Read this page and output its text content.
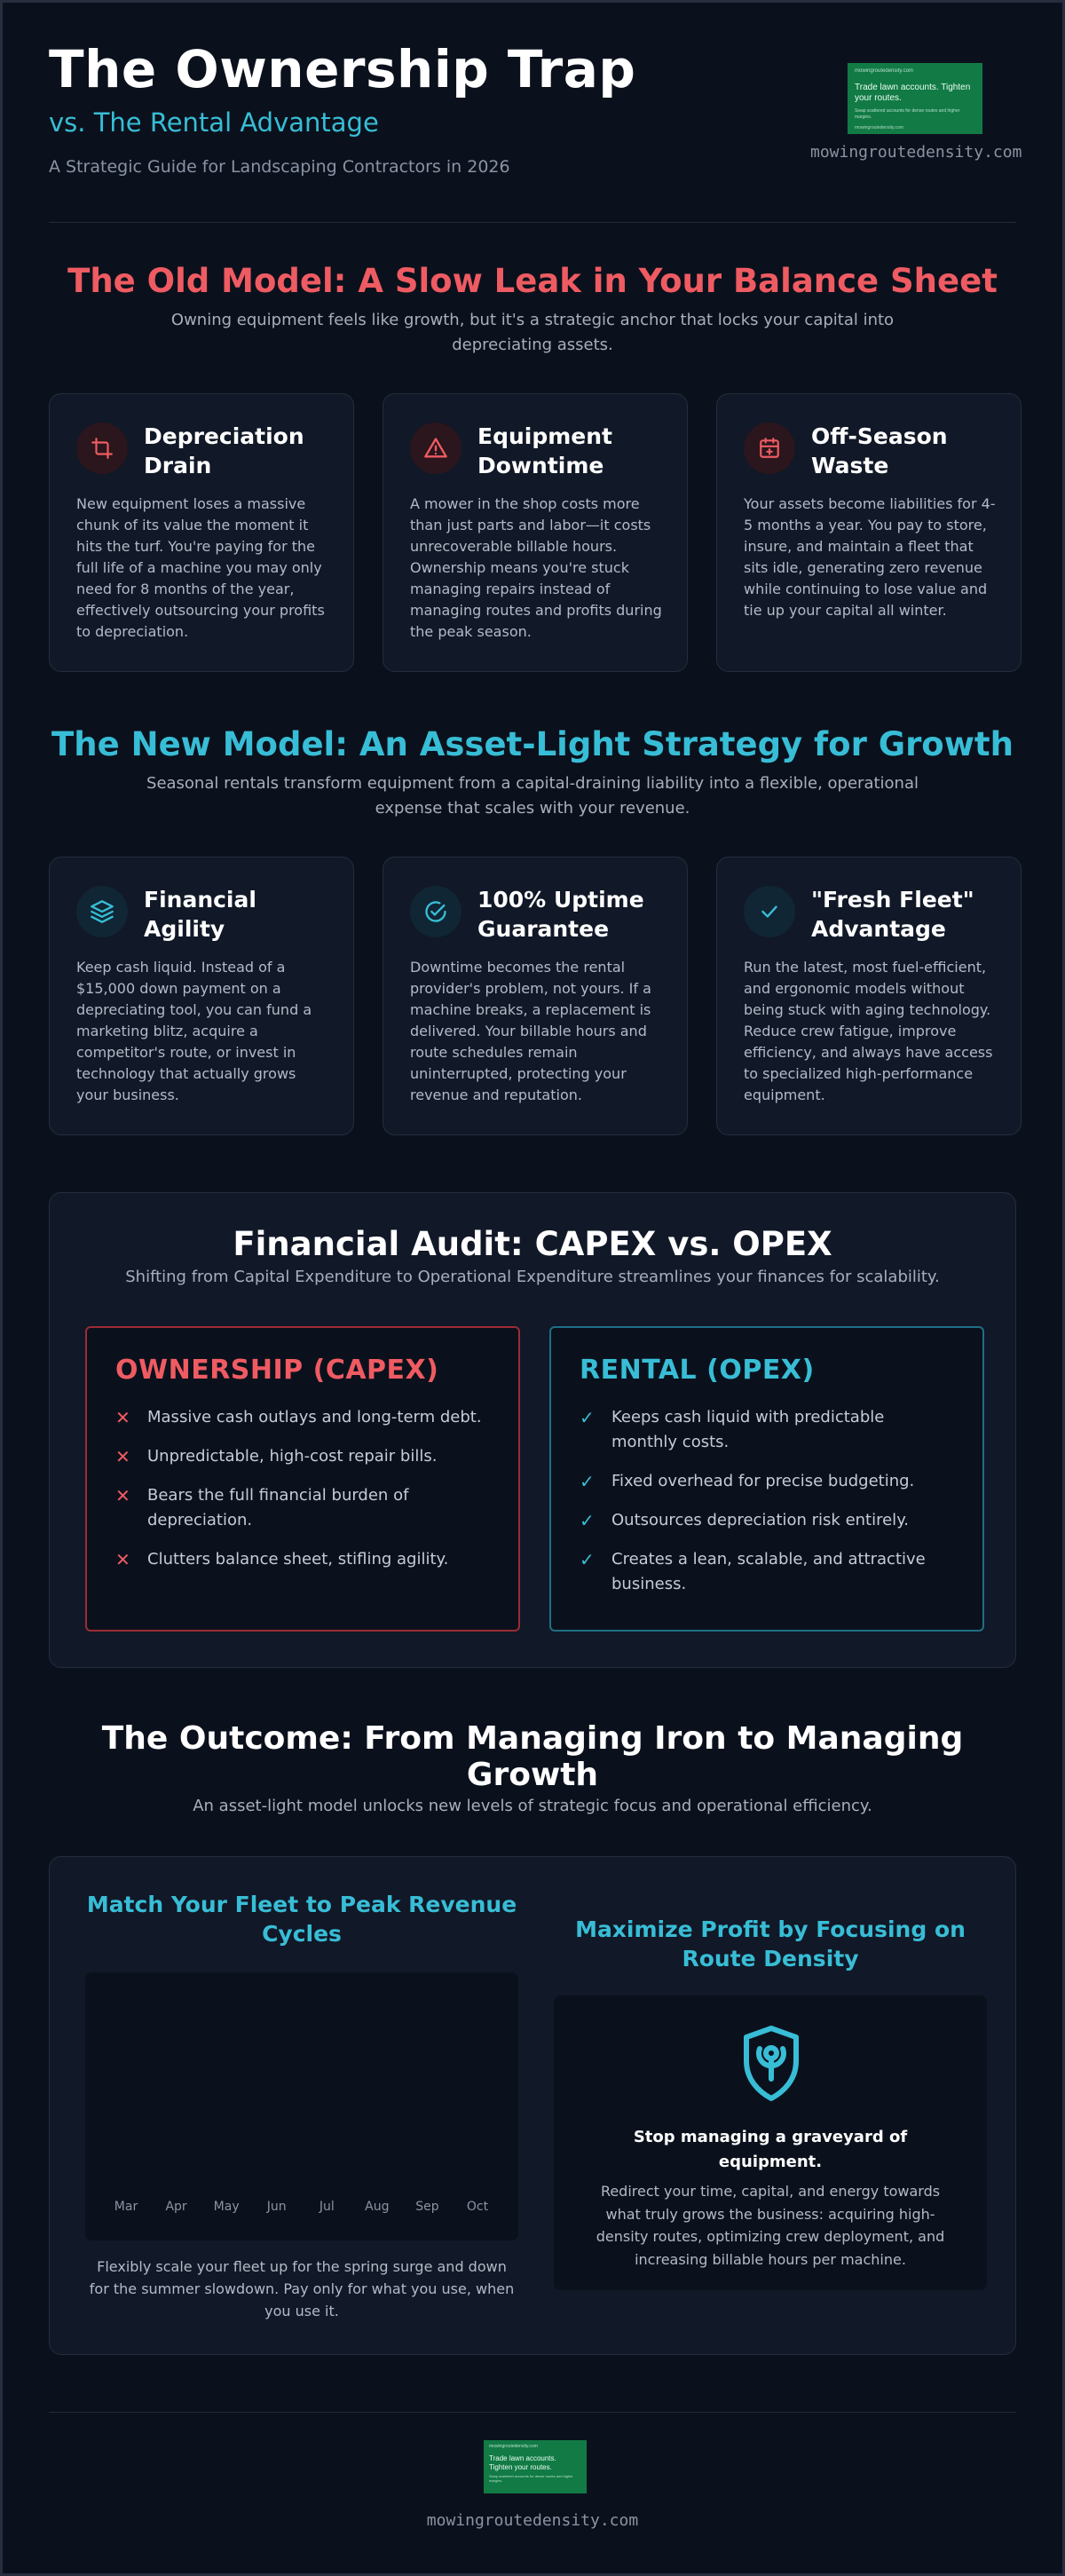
The Ownership Trap
vs. The Rental Advantage
A Strategic Guide for Landscaping Contractors in 2026
mowingroutedensity.com
Trade lawn accounts. Tighten your routes.
Swap scattered accounts for dense routes and higher margins.
mowingroutedensity.com
mowingroutedensity.com
The Old Model: A Slow Leak in Your Balance Sheet
Owning equipment feels like growth, but it's a strategic anchor that locks your capital into depreciating assets.
Depreciation Drain
New equipment loses a massive chunk of its value the moment it hits the turf. You're paying for the full life of a machine you may only need for 8 months of the year, effectively outsourcing your profits to depreciation.
Equipment Downtime
A mower in the shop costs more than just parts and labor—it costs unrecoverable billable hours. Ownership means you're stuck managing repairs instead of managing routes and profits during the peak season.
Off-Season Waste
Your assets become liabilities for 4-5 months a year. You pay to store, insure, and maintain a fleet that sits idle, generating zero revenue while continuing to lose value and tie up your capital all winter.
The New Model: An Asset-Light Strategy for Growth
Seasonal rentals transform equipment from a capital-draining liability into a flexible, operational expense that scales with your revenue.
Financial Agility
Keep cash liquid. Instead of a $15,000 down payment on a depreciating tool, you can fund a marketing blitz, acquire a competitor's route, or invest in technology that actually grows your business.
100% Uptime Guarantee
Downtime becomes the rental provider's problem, not yours. If a machine breaks, a replacement is delivered. Your billable hours and route schedules remain uninterrupted, protecting your revenue and reputation.
"Fresh Fleet" Advantage
Run the latest, most fuel-efficient, and ergonomic models without being stuck with aging technology. Reduce crew fatigue, improve efficiency, and always have access to specialized high-performance equipment.
Financial Audit: CAPEX vs. OPEX
Shifting from Capital Expenditure to Operational Expenditure streamlines your finances for scalability.
OWNERSHIP (CAPEX)
✕	Massive cash outlays and long-term debt.
✕	Unpredictable, high-cost repair bills.
✕	Bears the full financial burden of depreciation.
✕	Clutters balance sheet, stifling agility.
RENTAL (OPEX)
✓	Keeps cash liquid with predictable monthly costs.
✓	Fixed overhead for precise budgeting.
✓	Outsources depreciation risk entirely.
✓	Creates a lean, scalable, and attractive business.
The Outcome: From Managing Iron to Managing Growth
An asset-light model unlocks new levels of strategic focus and operational efficiency.
Match Your Fleet to Peak Revenue Cycles
Mar Apr May Jun	Jul Aug Sep Oct
Flexibly scale your fleet up for the spring surge and down for the summer slowdown. Pay only for what you use, when you use it.
Maximize Profit by Focusing on Route Density
Stop managing a graveyard of equipment.
Redirect your time, capital, and energy towards what truly grows the business: acquiring high-density routes, optimizing crew deployment, and increasing billable hours per machine.
mowingroutedensity.com
Trade lawn accounts. Tighten your routes.
Swap scattered accounts for dense routes and higher margins.
mowingroutedensity.com
